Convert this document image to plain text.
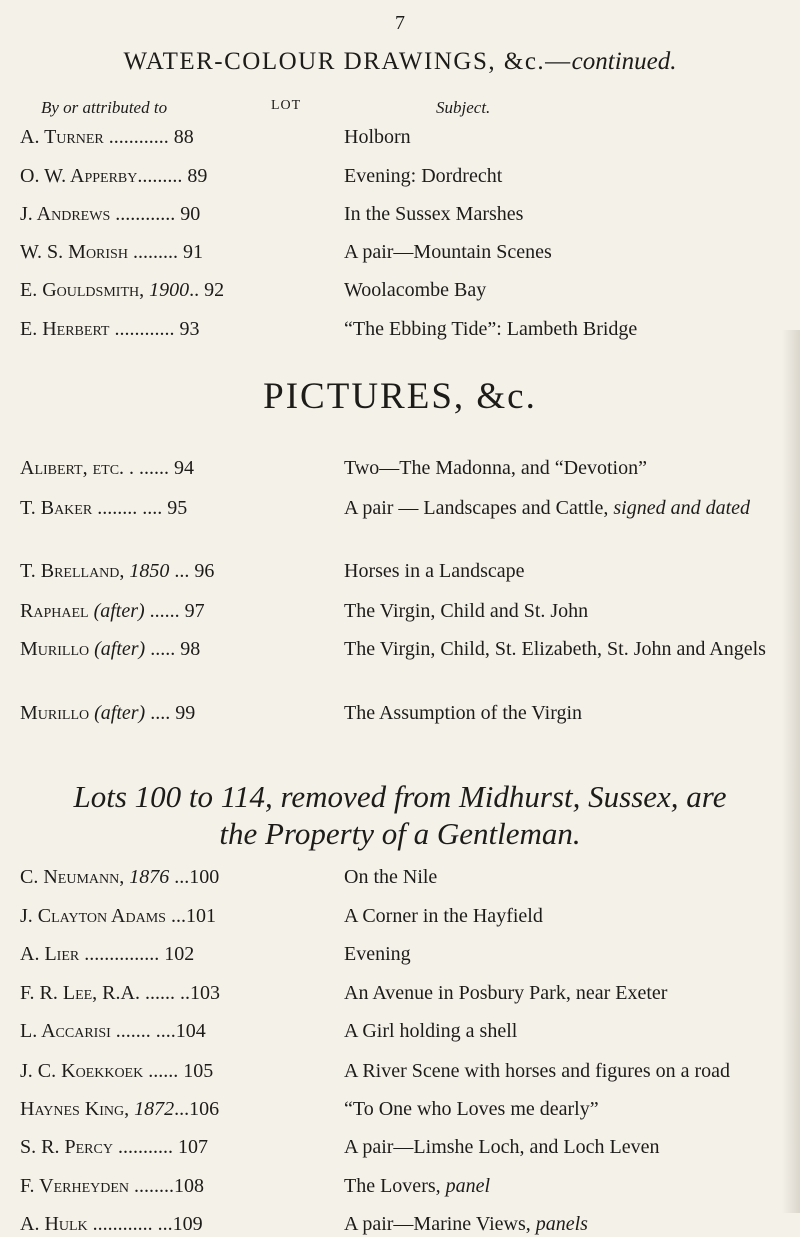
7
WATER-COLOUR DRAWINGS, &c.—continued.
By or attributed to	LOT	Subject.
A. Turner ............ 88	Holborn
O. W. Apperby......... 89	Evening: Dordrecht
J. Andrews ............ 90	In the Sussex Marshes
W. S. Morish ......... 91	A pair—Mountain Scenes
E. Gouldsmith, 1900.. 92	Woolacombe Bay
E. Herbert ............ 93	“The Ebbing Tide”: Lambeth Bridge
PICTURES, &c.
Alibert, etc. . ...... 94	Two—The Madonna, and “Devotion”
T. Baker ........ .... 95	A pair — Landscapes and Cattle, signed and dated
T. Brelland, 1850 ... 96	Horses in a Landscape
Raphael (after) ...... 97	The Virgin, Child and St. John
Murillo (after) ..... 98	The Virgin, Child, St. Elizabeth, St. John and Angels
Murillo (after) .... 99	The Assumption of the Virgin
Lots 100 to 114, removed from Midhurst, Sussex, are the Property of a Gentleman.
C. Neumann, 1876 ...100	On the Nile
J. Clayton Adams ...101	A Corner in the Hayfield
A. Lier ............... 102	Evening
F. R. Lee, R.A. ...... ..103	An Avenue in Posbury Park, near Exeter
L. Accarisi ....... ....104	A Girl holding a shell
J. C. Koekkoek ...... 105	A River Scene with horses and figures on a road
Haynes King, 1872...106	“To One who Loves me dearly”
S. R. Percy ........... 107	A pair—Limshe Loch, and Loch Leven
F. Verheyden ........108	The Lovers, panel
A. Hulk ............ ...109	A pair—Marine Views, panels
